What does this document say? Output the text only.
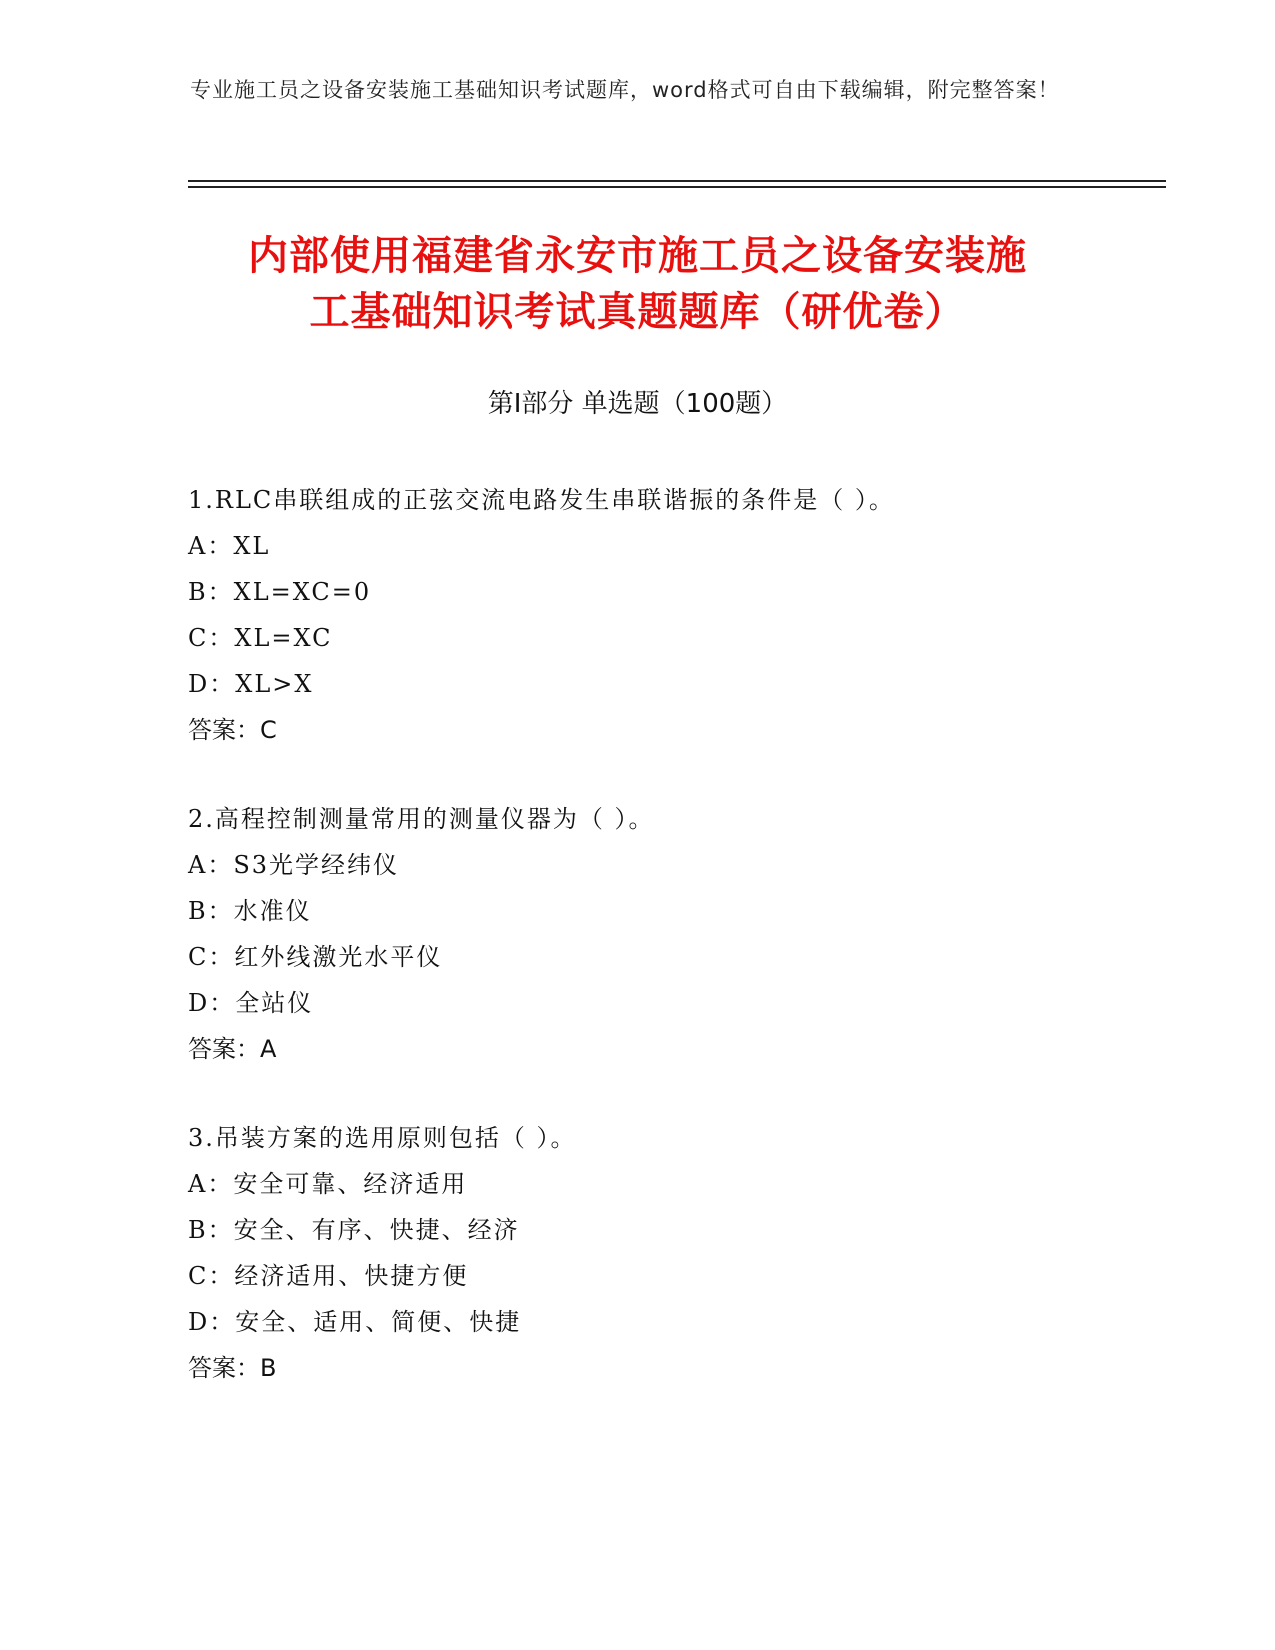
专业施工员之设备安装施工基础知识考试题库，word格式可自由下载编辑，附完整答案！
内部使用福建省永安市施工员之设备安装施
工基础知识考试真题题库（研优卷）
第Ⅰ部分 单选题（100题）
1.RLC串联组成的正弦交流电路发生串联谐振的条件是（ ）。
A：XL
B：XL=XC=0
C：XL=XC
D：XL>X
答案：C
2.高程控制测量常用的测量仪器为（ ）。
A：S3光学经纬仪
B：水准仪
C：红外线激光水平仪
D：全站仪
答案：A
3.吊装方案的选用原则包括（ ）。
A：安全可靠、经济适用
B：安全、有序、快捷、经济
C：经济适用、快捷方便
D：安全、适用、简便、快捷
答案：B
